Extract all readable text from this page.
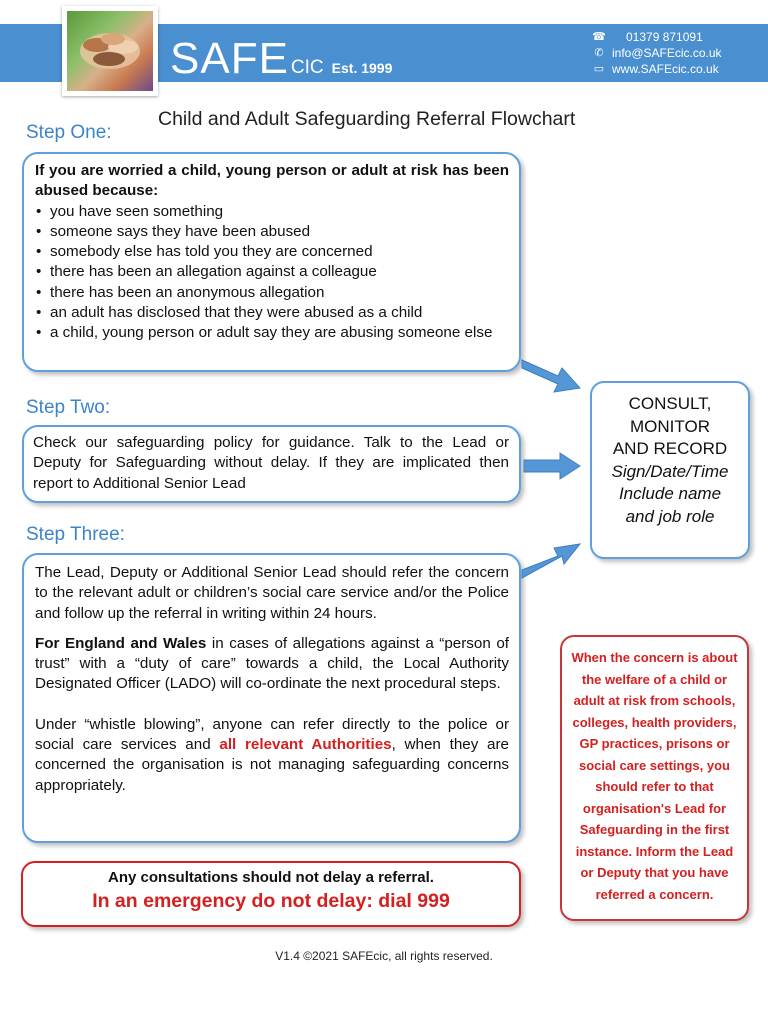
SAFE CIC Est. 1999
☎ 01379 871091
✆ info@SAFEcic.co.uk
▭ www.SAFEcic.co.uk
Child and Adult Safeguarding Referral Flowchart
Step One:
If you are worried a child, young person or adult at risk has been abused because:
• you have seen something
• someone says they have been abused
• somebody else has told you they are concerned
• there has been an allegation against a colleague
• there has been an anonymous allegation
• an adult has disclosed that they were abused as a child
• a child, young person or adult say they are abusing someone else
Step Two:
Check our safeguarding policy for guidance. Talk to the Lead or Deputy for Safeguarding without delay. If they are implicated then report to Additional Senior Lead
Step Three:
The Lead, Deputy or Additional Senior Lead should refer the concern to the relevant adult or children’s social care service and/or the Police and follow up the referral in writing within 24 hours.
For England and Wales in cases of allegations against a “person of trust” with a “duty of care” towards a child, the Local Authority Designated Officer (LADO) will co-ordinate the next procedural steps.
Under “whistle blowing”, anyone can refer directly to the police or social care services and all relevant Authorities, when they are concerned the organisation is not managing safeguarding concerns appropriately.
CONSULT,
MONITOR
AND RECORD
Sign/Date/Time
Include name
and job role
When the concern is about the welfare of a child or adult at risk from schools, colleges, health providers, GP practices, prisons or social care settings, you should refer to that organisation's Lead for Safeguarding in the first instance. Inform the Lead or Deputy that you have referred a concern.
Any consultations should not delay a referral.
In an emergency do not delay: dial 999
V1.4 ©2021 SAFEcic, all rights reserved.
